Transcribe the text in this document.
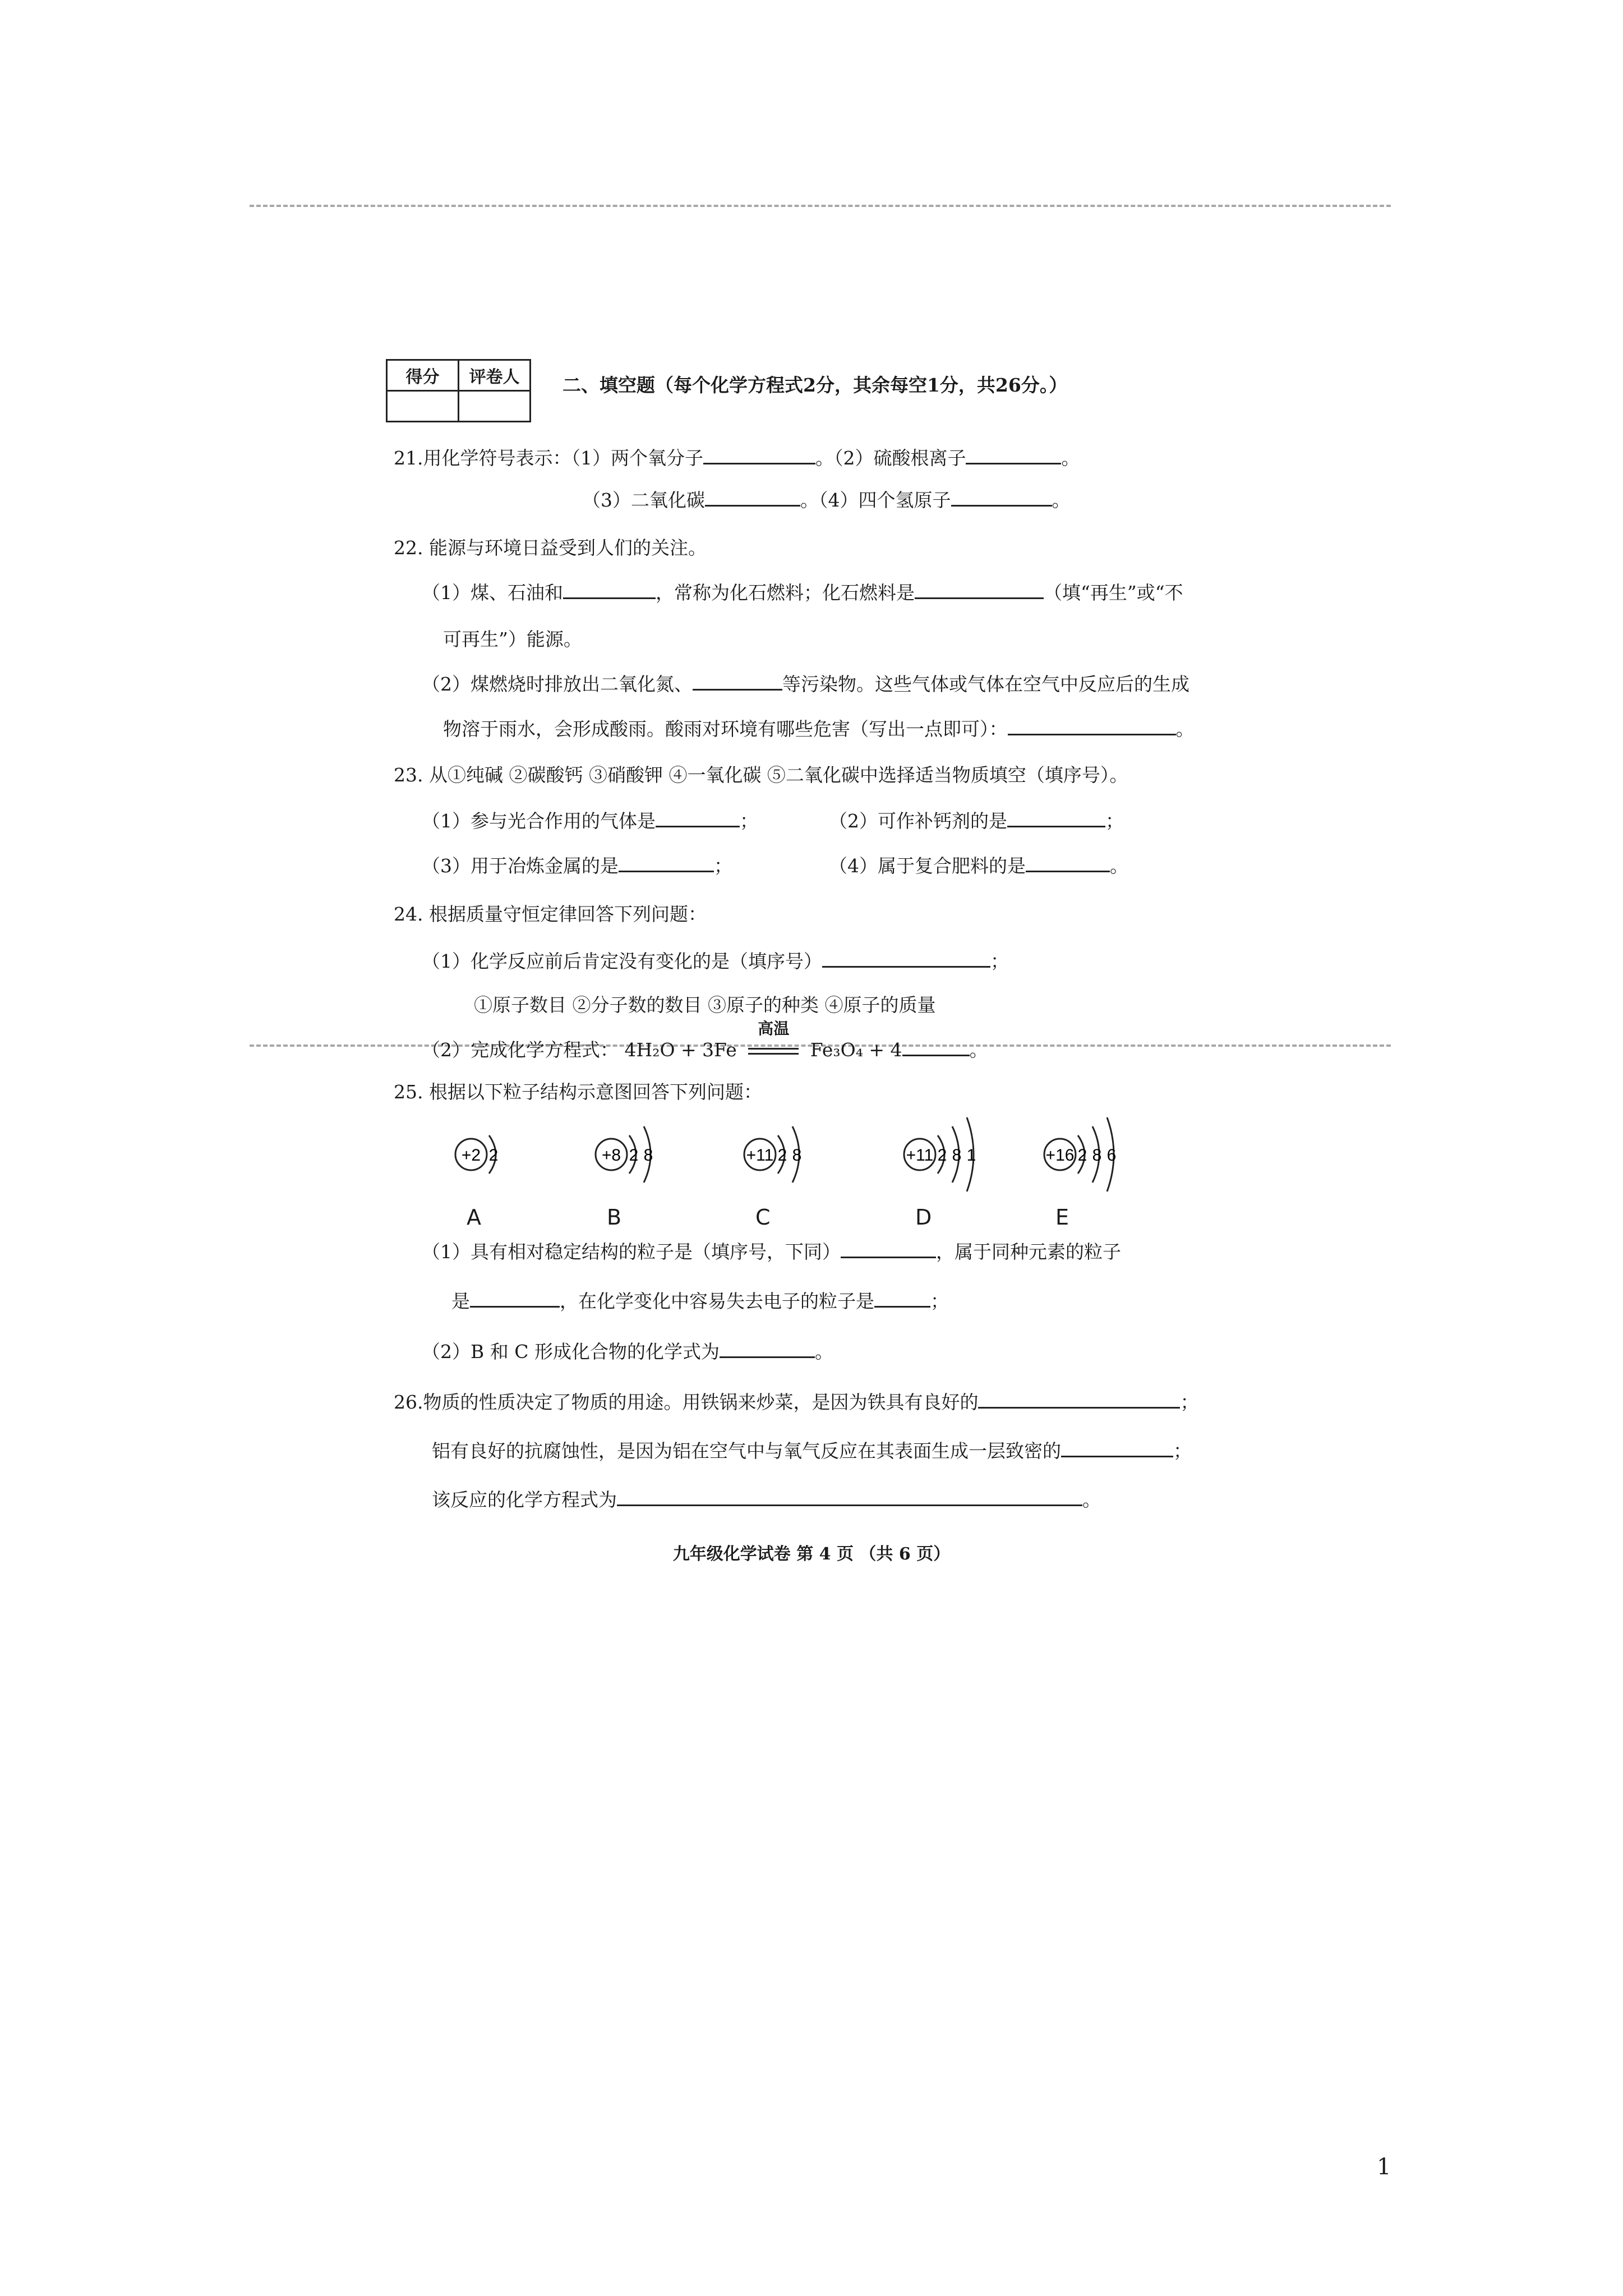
得分	评卷人
	二、填空题（每个化学方程式2分，其余每空1分，共26分。）
21.用化学符号表示：（1）两个氧分子	。（2）硫酸根离子	。
（3）二氧化碳	。（4）四个氢原子	。
22. 能源与环境日益受到人们的关注。
（1）煤、石油和	，常称为化石燃料；化石燃料是	（填“再生”或“不
可再生”）能源。
（2）煤燃烧时排放出二氧化氮、	等污染物。这些气体或气体在空气中反应后的生成
物溶于雨水，会形成酸雨。酸雨对环境有哪些危害（写出一点即可）：	。
23. 从①纯碱 ②碳酸钙 ③硝酸钾 ④一氧化碳 ⑤二氧化碳中选择适当物质填空（填序号）。
（1）参与光合作用的气体是	；	（2）可作补钙剂的是	；
（3）用于冶炼金属的是	；	（4）属于复合肥料的是	。
24. 根据质量守恒定律回答下列问题：
（1）化学反应前后肯定没有变化的是（填序号）	；
①原子数目 ②分子数的数目 ③原子的种类 ④原子的质量
（2）完成化学方程式： 4H₂O + 3Fe
高温
Fe₃O₄ + 4	。
25. 根据以下粒子结构示意图回答下列问题：
+2 2
A
+8 2 8
B
+11 2 8
C
+11 2 8 1
D
+16 2 8 6
E
（1）具有相对稳定结构的粒子是（填序号，下同）	，属于同种元素的粒子
是	，在化学变化中容易失去电子的粒子是	；
（2）B 和 C 形成化合物的化学式为	。
26.物质的性质决定了物质的用途。用铁锅来炒菜，是因为铁具有良好的	；
铝有良好的抗腐蚀性，是因为铝在空气中与氧气反应在其表面生成一层致密的	；
该反应的化学方程式为	。
九年级化学试卷 第 4 页 （共 6 页）
1
